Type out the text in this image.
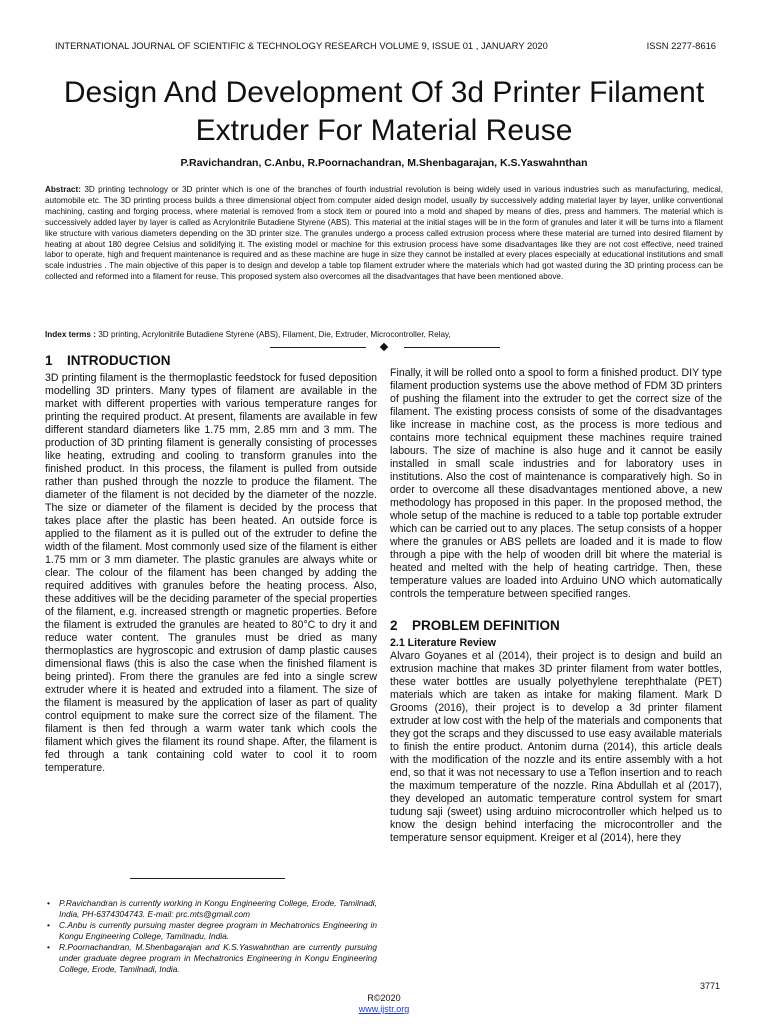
INTERNATIONAL JOURNAL OF SCIENTIFIC & TECHNOLOGY RESEARCH VOLUME 9, ISSUE 01 , JANUARY 2020	ISSN 2277-8616
Design And Development Of 3d Printer Filament
Extruder For Material Reuse
P.Ravichandran, C.Anbu, R.Poornachandran, M.Shenbagarajan, K.S.Yaswahnthan
Abstract: 3D printing technology or 3D printer which is one of the branches of fourth industrial revolution is being widely used in various industries such as manufacturing, medical, automobile etc. The 3D printing process builds a three dimensional object from computer aided design model, usually by successively adding material layer by layer, unlike conventional machining, casting and forging process, where material is removed from a stock item or poured into a mold and shaped by means of dies, press and hammers. The material which is successively added layer by layer is called as Acrylonitrile Butadiene Styrene (ABS). This material at the initial stages will be in the form of granules and later it will be turns into a filament like structure with various diameters depending on the 3D printer size. The granules undergo a process called extrusion process where these material are turned into desired filament by heating at about 180 degree Celsius and solidifying it. The existing model or machine for this extrusion process have some disadvantages like they are not cost effective, need trained labor to operate, high and frequent maintenance is required and as these machine are huge in size they cannot be installed at every places especially at educational institutions and small scale industries . The main objective of this paper is to design and develop a table top filament extruder where the materials which had got wasted during the 3D printing process can be collected and reformed into a filament for reuse. This proposed system also overcomes all the disadvantages that have been mentioned above.
Index terms : 3D printing, Acrylonitrile Butadiene Styrene (ABS), Filament, Die, Extruder, Microcontroller, Relay,
1 INTRODUCTION

3D printing filament is the thermoplastic feedstock for fused deposition modelling 3D printers. Many types of filament are available in the market with different properties with various temperature ranges for printing the required product. At present, filaments are available in few different standard diameters like 1.75 mm, 2.85 mm and 3 mm. The production of 3D printing filament is generally consisting of processes like heating, extruding and cooling to transform granules into the finished product. In this process, the filament is pulled from outside rather than pushed through the nozzle to produce the filament. The diameter of the filament is not decided by the diameter of the nozzle. The size or diameter of the filament is decided by the process that takes place after the plastic has been heated. An outside force is applied to the filament as it is pulled out of the extruder to define the width of the filament. Most commonly used size of the filament is either 1.75 mm or 3 mm diameter. The plastic granules are always white or clear. The colour of the filament has been changed by adding the required additives with granules before the heating process. Also, these additives will be the deciding parameter of the special properties of the filament, e.g. increased strength or magnetic properties. Before the filament is extruded the granules are heated to 80°C to dry it and reduce water content. The granules must be dried as many thermoplastics are hygroscopic and extrusion of damp plastic causes dimensional flaws (this is also the case when the finished filament is being printed). From there the granules are fed into a single screw extruder where it is heated and extruded into a filament. The size of the filament is measured by the application of laser as part of quality control equipment to make sure the correct size of the filament. The filament is then fed through a warm water tank which cools the filament which gives the filament its round shape. After, the filament is fed through a tank containing cold water to cool it to room temperature.

Finally, it will be rolled onto a spool to form a finished product. DIY type filament production systems use the above method of FDM 3D printers of pushing the filament into the extruder to get the correct size of the filament. The existing process consists of some of the disadvantages like increase in machine cost, as the process is more tedious and contains more technical equipment these machines require trained labours. The size of machine is also huge and it cannot be easily installed in small scale industries and for laboratory uses in institutions. Also the cost of maintenance is comparatively high. So in order to overcome all these disadvantages mentioned above, a new methodology has proposed in this paper. In the proposed method, the whole setup of the machine is reduced to a table top portable extruder which can be carried out to any places. The setup consists of a hopper where the granules or ABS pellets are loaded and it is made to flow through a pipe with the help of wooden drill bit where the material is heated and melted with the help of heating cartridge. Then, these temperature values are loaded into Arduino UNO which automatically controls the temperature between specified ranges.

2 PROBLEM DEFINITION

2.1 Literature Review

Alvaro Goyanes et al (2014), their project is to design and build an extrusion machine that makes 3D printer filament from water bottles, these water bottles are usually polyethylene terephthalate (PET) materials which are taken as intake for making filament. Mark D Grooms (2016), their project is to develop a 3d printer filament extruder at low cost with the help of the materials and components that they got the scraps and they discussed to use easy available materials to finish the entire product. Antonim durna (2014), this article deals with the modification of the nozzle and its entire assembly with a hot end, so that it was not necessary to use a Teflon insertion and to reach the maximum temperature of the nozzle. Rina Abdullah et al (2017), they developed an automatic temperature control system for smart tudung saji (sweet) using arduino microcontroller which helped us to know the design behind interfacing the microcontroller and the temperature sensor equipment. Kreiger et al (2014), here they

• P.Ravichandran is currently working in Kongu Engineering College, Erode, Tamilnadi, India, PH-6374304743. E-mail: prc.mts@gmail.com
• C.Anbu is currently pursuing master degree program in Mechatronics Engineering in Kongu Engineering College, Tamilnadu, India.
• R.Poornachandran, M.Shenbagarajan and K.S.Yaswahnthan are currently pursuing under graduate degree program in Mechatronics Engineering in Kongu Engineering College, Erode, Tamilnadi, India.
3771
R©2020
www.ijstr.org
